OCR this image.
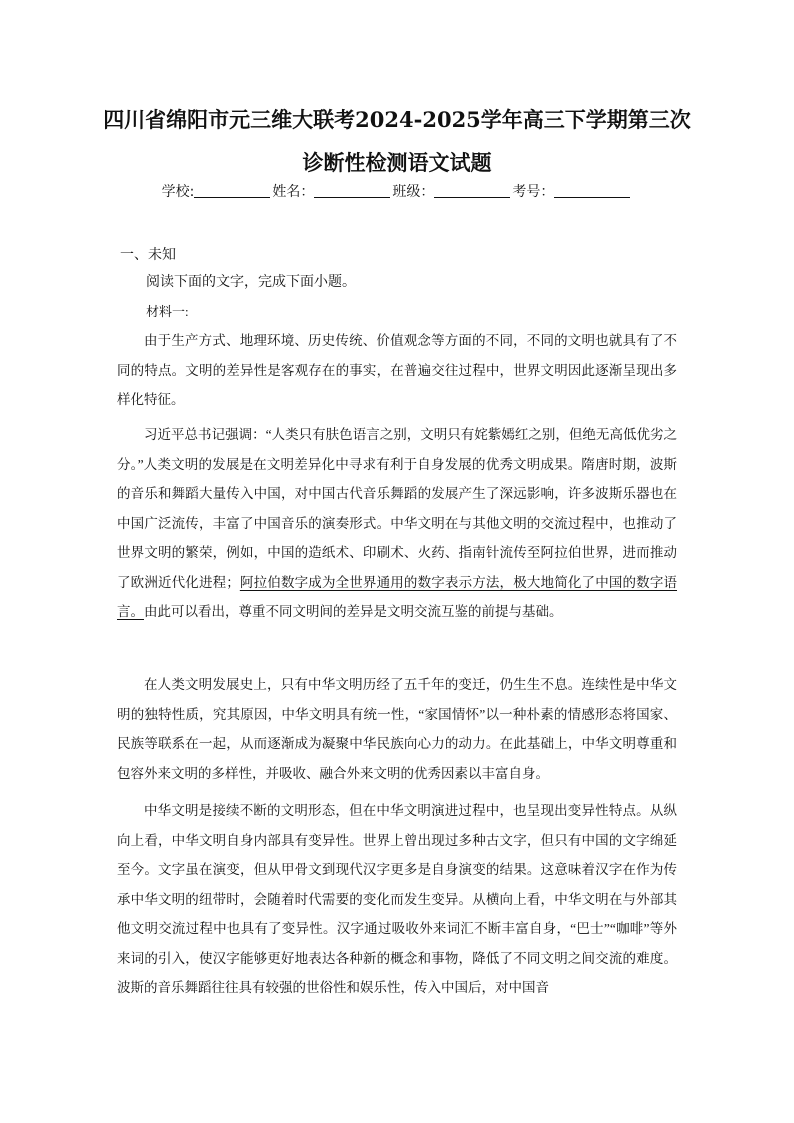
四川省绵阳市元三维大联考2024-2025学年高三下学期第三次
诊断性检测语文试题
学校:	姓名：	班级：	考号：
一、未知
阅读下面的文字，完成下面小题。
材料一:

由于生产方式、地理环境、历史传统、价值观念等方面的不同，不同的文明也就具有了不同的特点。文明的差异性是客观存在的事实，在普遍交往过程中，世界文明因此逐渐呈现出多样化特征。

习近平总书记强调：“人类只有肤色语言之别，文明只有姹紫嫣红之别，但绝无高低优劣之分。”人类文明的发展是在文明差异化中寻求有利于自身发展的优秀文明成果。隋唐时期，波斯的音乐和舞蹈大量传入中国，对中国古代音乐舞蹈的发展产生了深远影响，许多波斯乐器也在中国广泛流传，丰富了中国音乐的演奏形式。中华文明在与其他文明的交流过程中，也推动了世界文明的繁荣，例如，中国的造纸术、印刷术、火药、指南针流传至阿拉伯世界，进而推动了欧洲近代化进程；阿拉伯数字成为全世界通用的数字表示方法，极大地简化了中国的数字语言。由此可以看出，尊重不同文明间的差异是文明交流互鉴的前提与基础。

在人类文明发展史上，只有中华文明历经了五千年的变迁，仍生生不息。连续性是中华文明的独特性质，究其原因，中华文明具有统一性，“家国情怀”以一种朴素的情感形态将国家、民族等联系在一起，从而逐渐成为凝聚中华民族向心力的动力。在此基础上，中华文明尊重和包容外来文明的多样性，并吸收、融合外来文明的优秀因素以丰富自身。

中华文明是接续不断的文明形态，但在中华文明演进过程中，也呈现出变异性特点。从纵向上看，中华文明自身内部具有变异性。世界上曾出现过多种古文字，但只有中国的文字绵延至今。文字虽在演变，但从甲骨文到现代汉字更多是自身演变的结果。这意味着汉字在作为传承中华文明的纽带时，会随着时代需要的变化而发生变异。从横向上看，中华文明在与外部其他文明交流过程中也具有了变异性。汉字通过吸收外来词汇不断丰富自身，“巴士”“咖啡”等外来词的引入，使汉字能够更好地表达各种新的概念和事物，降低了不同文明之间交流的难度。波斯的音乐舞蹈往往具有较强的世俗性和娱乐性，传入中国后，对中国音
